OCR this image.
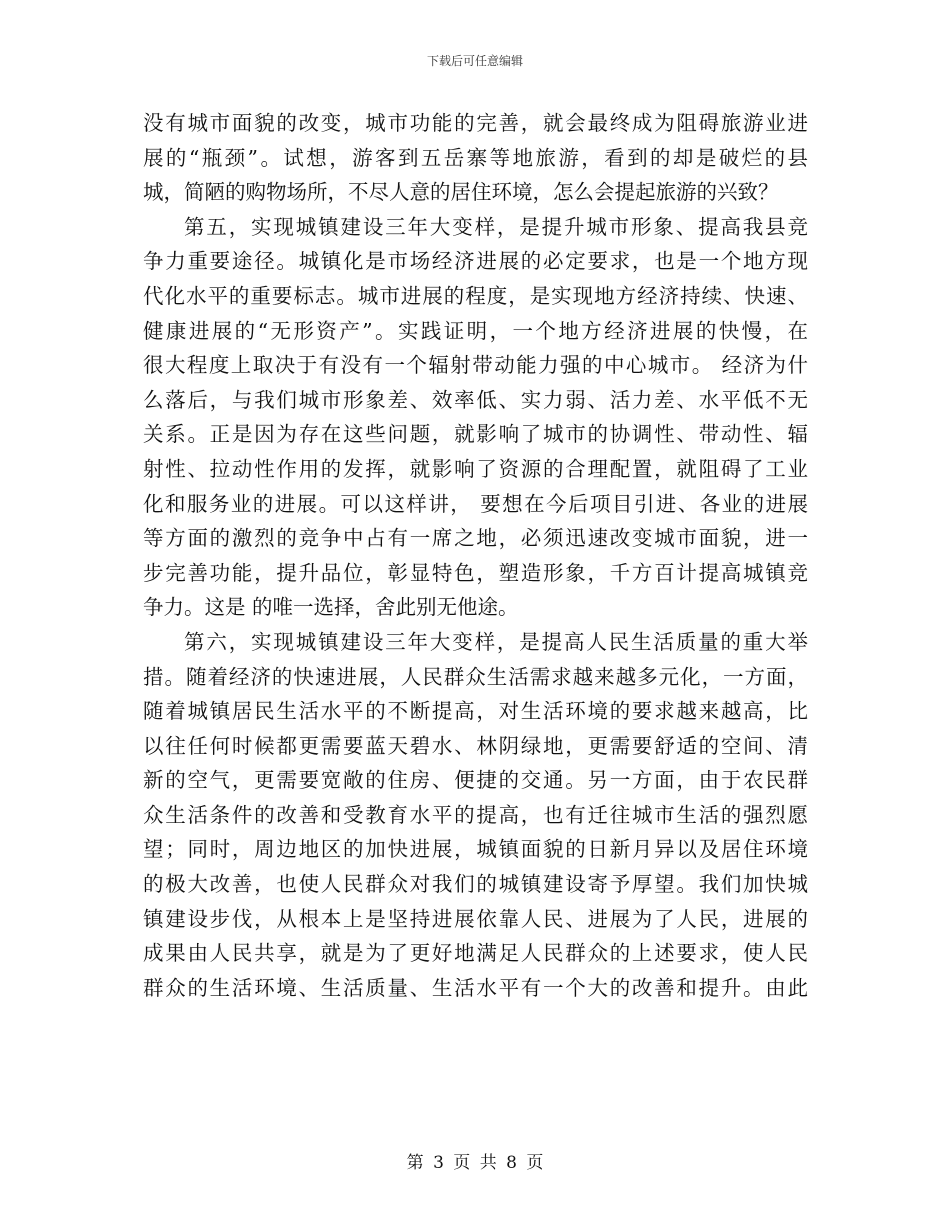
下载后可任意编辑
没有城市面貌的改变，城市功能的完善，就会最终成为阻碍旅游业进
展的“瓶颈”。试想，游客到五岳寨等地旅游，看到的却是破烂的县
城，简陋的购物场所，不尽人意的居住环境，怎么会提起旅游的兴致？
第五，实现城镇建设三年大变样，是提升城市形象、提高我县竞
争力重要途径。城镇化是市场经济进展的必定要求，也是一个地方现
代化水平的重要标志。城市进展的程度，是实现地方经济持续、快速、
健康进展的“无形资产”。实践证明，一个地方经济进展的快慢，在
很大程度上取决于有没有一个辐射带动能力强的中心城市。 经济为什
么落后，与我们城市形象差、效率低、实力弱、活力差、水平低不无
关系。正是因为存在这些问题，就影响了城市的协调性、带动性、辐
射性、拉动性作用的发挥，就影响了资源的合理配置，就阻碍了工业
化和服务业的进展。可以这样讲， 要想在今后项目引进、各业的进展
等方面的激烈的竞争中占有一席之地，必须迅速改变城市面貌，进一
步完善功能，提升品位，彰显特色，塑造形象，千方百计提高城镇竞
争力。这是 的唯一选择，舍此别无他途。
第六，实现城镇建设三年大变样，是提高人民生活质量的重大举
措。随着经济的快速进展，人民群众生活需求越来越多元化，一方面，
随着城镇居民生活水平的不断提高，对生活环境的要求越来越高，比
以往任何时候都更需要蓝天碧水、林阴绿地，更需要舒适的空间、清
新的空气，更需要宽敞的住房、便捷的交通。另一方面，由于农民群
众生活条件的改善和受教育水平的提高，也有迁往城市生活的强烈愿
望；同时，周边地区的加快进展，城镇面貌的日新月异以及居住环境
的极大改善，也使人民群众对我们的城镇建设寄予厚望。我们加快城
镇建设步伐，从根本上是坚持进展依靠人民、进展为了人民，进展的
成果由人民共享，就是为了更好地满足人民群众的上述要求，使人民
群众的生活环境、生活质量、生活水平有一个大的改善和提升。由此
第 3 页 共 8 页
